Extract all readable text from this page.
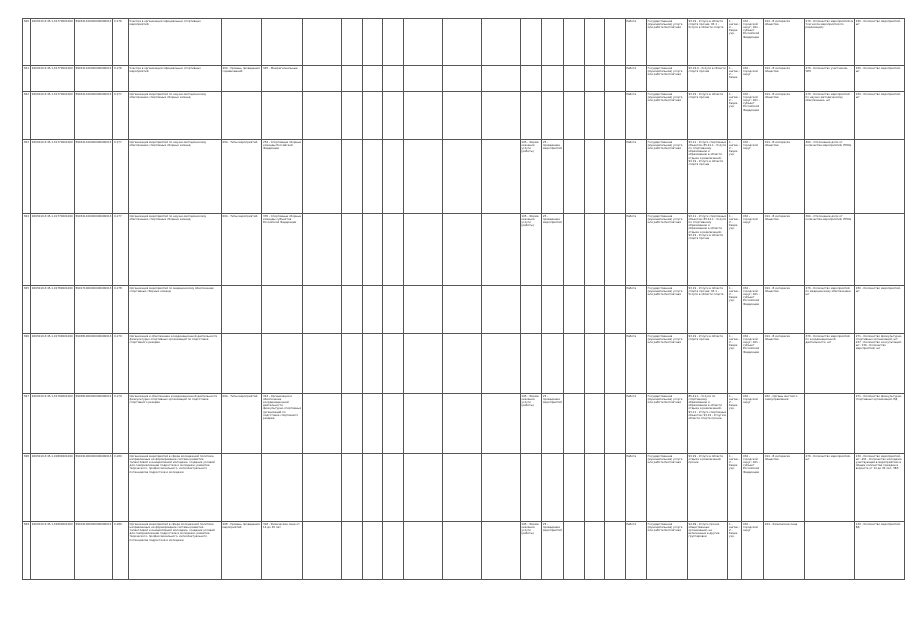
360	9203010.Р.45.1.01770001000	Э90341100000000000013	0.176	Участие в организации официальных спортивных мероприятий															Работа	Государственная (муниципальная) услуга или работа бесплатная	93.19 - Услуги в области спорта прочие; 93.1 - Услуги в области спорта	1 - ангаж.; 2 - бюдж. учр.	032 - городской округ; 021 - субъект Российской Федерации	014 - В интересах общества	270 - Количество мероприятий (в том числе мероприятия по реализации)	230 - Количество мероприятий, шт
361	9203010.Р.45.1.01770001000	Э90341100000000000013	0.176	Участие в организации официальных спортивных мероприятий	204 - Уровень проведения соревнований	345 - Межрегиональные													Работа	Государственная (муниципальная) услуга или работа бесплатная	93.19.0 - Услуги в области спорта прочие	1 - ангаж.; 2 - бюдж.	032 - городской округ	014 - В интересах общества	270 - Количество участников, ЧЕЛ	230 - Количество мероприятий, шт
362	9203010.Р.45.1.01770001000	Э90341100000000000013	0.177	Организация мероприятий по научно-методическому обеспечению спортивных сборных команд															Работа	Государственная (муниципальная) услуга или работа бесплатная	93.19 - Услуги в области спорта прочие	1 - ангаж.; 2 - бюдж. учр.	032 - городской округ; 021 - субъект Российской Федерации	014 - В интересах общества	270 - Количество мероприятий по научно-методическому обеспечению, шт	230 - Количество мероприятий, шт
363	9203010.Р.45.1.01770001000	Э90341100000000000013	0.177	Организация мероприятий по научно-методическому обеспечению спортивных сборных команд	004 - Типы мероприятий	254 - Спортивные сборные команды Российской Федерации								105 - Форма оказания услуги (работы)	25 - проведение мероприятий				Работа	Государственная (муниципальная) услуга или работа бесплатная	93.11 - Услуги спортивных объектов; 85.41.1 - Услуги по спортивному образованию и образованию в области отдыха и развлечений; 93.19 - Услуги в области спорта прочие	1 - ангаж.; 2 - бюдж. учр.	032 - городской округ	014 - В интересах общества	364 - Отклонение доли от количества мероприятий, ПРОЦ	
364	9203010.Р.45.1.01770001000	Э90341100000000000013	0.177	Организация мероприятий по научно-методическому обеспечению спортивных сборных команд	004 - Типы мероприятий	335 - Спортивные сборные команды субъектов Российской Федерации								105 - Форма оказания услуги (работы)	25 - проведение мероприятий				Работа	Государственная (муниципальная) услуга или работа бесплатная	93.11 - Услуги спортивных объектов; 85.41.1 - Услуги по спортивному образованию и образованию в области отдыха и развлечений; 93.19 - Услуги в области спорта прочие	1 - ангаж.; 2 - бюдж. учр.	032 - городской округ	014 - В интересах общества	364 - Отклонение доли от количества мероприятий, ПРОЦ	
365	9203010.Р.45.1.01780001000	Э90171000000000000013	0.178	Организация мероприятий по медицинскому обеспечению спортивных сборных команд															Работа	Государственная (муниципальная) услуга или работа бесплатная	93.19 - Услуги в области спорта прочие; 93.1 - Услуги в области спорта	1 - ангаж.; 2 - бюдж. учр.	032 - городской округ; 021 - субъект Российской Федерации	014 - В интересах общества	270 - Количество мероприятий по медицинскому обеспечению, шт	230 - Количество мероприятий, шт
366	9203010.Р.45.1.01790001000	Э90381000000000000013	0.179	Организация и обеспечение координационной деятельности физкультурно-спортивных организаций по подготовке спортивного резерва															Работа	Государственная (муниципальная) услуга или работа бесплатная	93.19 - Услуги в области спорта прочие	1 - ангаж.; 2 - бюдж. учр.	032 - городской округ; 021 - субъект Российской Федерации	014 - В интересах общества	370 - Количество мероприятий по координационной деятельности, шт	271 - Количество физкультурно-спортивных организаций, шт; 237 - Количество консультаций, шт; 130 - Количество мероприятий, шт
367	9203010.Р.45.1.01790001000	Э90381000000000000013	0.179	Организация и обеспечение координационной деятельности физкультурно-спортивных организаций по подготовке спортивного резерва	004 - Типы мероприятий	343 - Организация и обеспечение координационной деятельности физкультурно-спортивных организаций по подготовке спортивного резерва								105 - Форма оказания услуги (работы)	25 - проведение мероприятий				Работа	Государственная (муниципальная) услуга или работа бесплатная	85.41.1 - Услуги по спортивному образованию и образованию в области отдыха и развлечений; 93.11 - Услуги спортивных объектов; 93.19 - Услуги в области спорта прочие	1 - ангаж.; 2 - бюдж. учр.	032 - городской округ	022 - Органы местного самоуправления		271 - Количество физкультурно-спортивных организаций, ЕД
368	9203010.Р.45.1.01800001000	Э90191000000000000013	0.180	Организация мероприятий в сфере молодежной политики, направленных на формирование системы развития талантливой и инициативной молодежи, создание условий для самореализации подростков и молодежи, развитие творческого, профессионального, интеллектуального потенциалов подростков и молодежи															Работа	Государственная (муниципальная) услуга или работа бесплатная	93.29 - Услуги в области отдыха и развлечений прочие	1 - ангаж.; 2 - бюдж. учр.	032 - городской округ; 021 - субъект Российской Федерации	014 - В интересах общества	270 - Количество мероприятий, шт	130 - Количество мероприятий, шт; 401 - Количество молодежи, участвующей в мероприятиях в общем количестве граждан в возрасте от 14 до 30 лет, ЧЕЛ
369	9203010.Р.45.1.01800001000	Э90191000000000000013	0.180	Организация мероприятий в сфере молодежной политики, направленных на формирование системы развития талантливой и инициативной молодежи, создание условий для самореализации подростков и молодежи, развитие творческого, профессионального, интеллектуального потенциалов подростков и молодежи	208 - Уровень проведения мероприятий	318 - Физические лица от 14 до 30 лет								105 - Форма оказания услуги (работы)	25 - проведение мероприятий				Работа	Государственная (муниципальная) услуга или работа бесплатная	94.99 - Услуги прочих общественных организаций, не включенных в другие группировки	1 - ангаж.; 2 - бюдж. учр.	032 - городской округ	014 - Физические лица		130 - Количество мероприятий, ЕД
